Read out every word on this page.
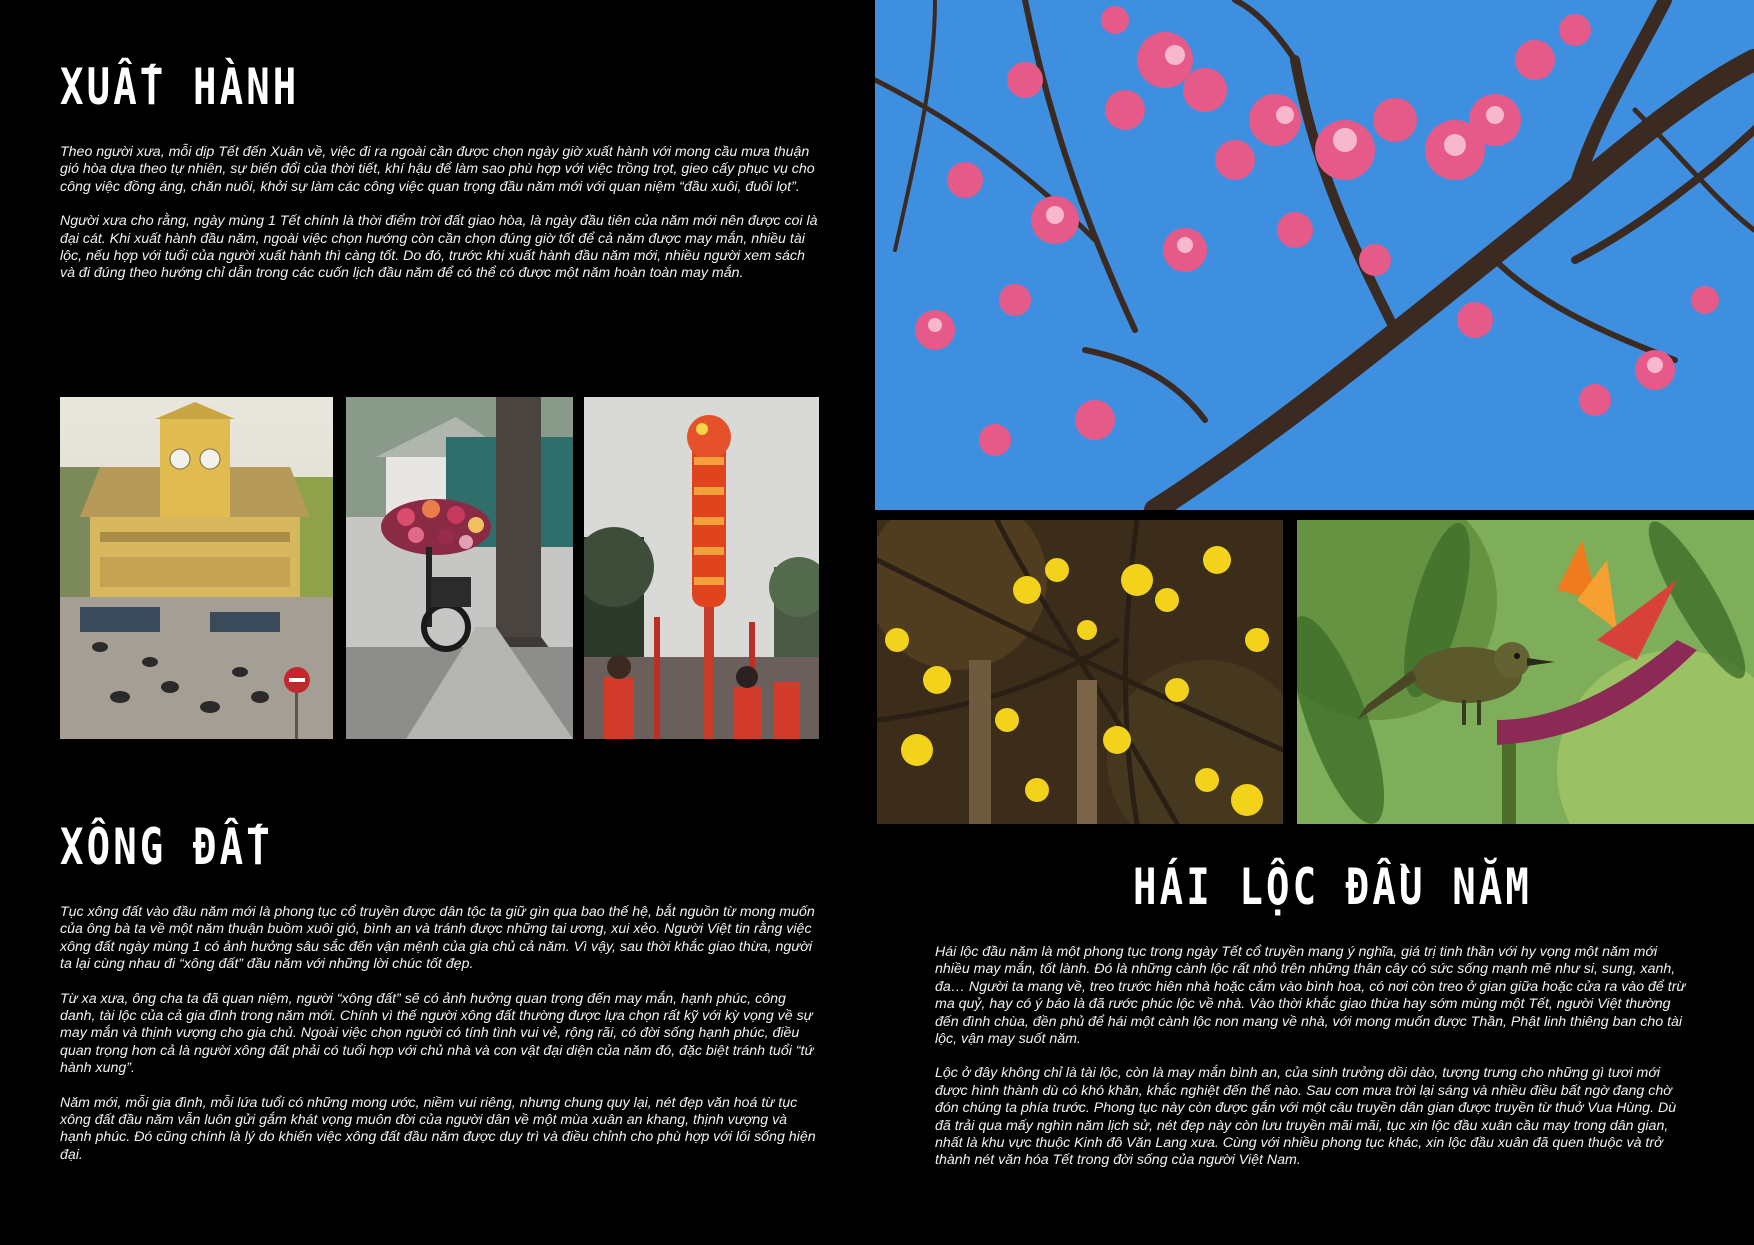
XUẤT HÀNH

Theo người xưa, mỗi dịp Tết đến Xuân về, việc đi ra ngoài cần được chọn ngày giờ xuất hành với mong cầu mưa thuận gió hòa dựa theo tự nhiên, sự biến đổi của thời tiết, khí hậu để làm sao phù hợp với việc trồng trọt, gieo cấy phục vụ cho công việc đồng áng, chăn nuôi, khởi sự làm các công việc quan trọng đầu năm mới với quan niệm “đầu xuôi, đuôi lọt”.

Người xưa cho rằng, ngày mùng 1 Tết chính là thời điểm trời đất giao hòa, là ngày đầu tiên của năm mới nên được coi là đại cát. Khi xuất hành đầu năm, ngoài việc chọn hướng còn cần chọn đúng giờ tốt để cả năm được may mắn, nhiều tài lộc, nếu hợp với tuổi của người xuất hành thì càng tốt. Do đó, trước khi xuất hành đầu năm mới, nhiều người xem sách và đi đúng theo hướng chỉ dẫn trong các cuốn lịch đầu năm để có thể có được một năm hoàn toàn may mắn.

XÔNG ĐẤT

Tục xông đất vào đầu năm mới là phong tục cổ truyền được dân tộc ta giữ gìn qua bao thế hệ, bắt nguồn từ mong muốn của ông bà ta về một năm thuận buồm xuôi gió, bình an và tránh được những tai ương, xui xẻo. Người Việt tin rằng việc xông đất ngày mùng 1 có ảnh hưởng sâu sắc đến vận mệnh của gia chủ cả năm. Vì vậy, sau thời khắc giao thừa, người ta lại cùng nhau đi “xông đất” đầu năm với những lời chúc tốt đẹp.

Từ xa xưa, ông cha ta đã quan niệm, người “xông đất” sẽ có ảnh hưởng quan trọng đến may mắn, hạnh phúc, công danh, tài lộc của cả gia đình trong năm mới. Chính vì thế người xông đất thường được lựa chọn rất kỹ với kỳ vọng về sự may mắn và thịnh vượng cho gia chủ. Ngoài việc chọn người có tính tình vui vẻ, rộng rãi, có đời sống hạnh phúc, điều quan trọng hơn cả là người xông đất phải có tuổi hợp với chủ nhà và con vật đại diện của năm đó, đặc biệt tránh tuổi “tứ hành xung”.

Năm mới, mỗi gia đình, mỗi lứa tuổi có những mong ước, niềm vui riêng, nhưng chung quy lại, nét đẹp văn hoá từ tục xông đất đầu năm vẫn luôn gửi gắm khát vọng muôn đời của người dân về một mùa xuân an khang, thịnh vượng và hạnh phúc. Đó cũng chính là lý do khiến việc xông đất đầu năm được duy trì và điều chỉnh cho phù hợp với lối sống hiện đại.

HÁI LỘC ĐẦU NĂM

Hái lộc đầu năm là một phong tục trong ngày Tết cổ truyền mang ý nghĩa, giá trị tinh thần với hy vọng một năm mới nhiều may mắn, tốt lành. Đó là những cành lộc rất nhỏ trên những thân cây có sức sống mạnh mẽ như si, sung, xanh, đa… Người ta mang về, treo trước hiên nhà hoặc cắm vào bình hoa, có nơi còn treo ở gian giữa hoặc cửa ra vào để trừ ma quỷ, hay có ý báo là đã rước phúc lộc về nhà. Vào thời khắc giao thừa hay sớm mùng một Tết, người Việt thường đến đình chùa, đền phủ để hái một cành lộc non mang về nhà, với mong muốn được Thần, Phật linh thiêng ban cho tài lộc, vận may suốt năm.

Lộc ở đây không chỉ là tài lộc, còn là may mắn bình an, của sinh trưởng dồi dào, tượng trưng cho những gì tươi mới được hình thành dù có khó khăn, khắc nghiệt đến thế nào. Sau cơn mưa trời lại sáng và nhiều điều bất ngờ đang chờ đón chúng ta phía trước. Phong tục này còn được gắn với một câu truyền dân gian được truyền từ thuở Vua Hùng. Dù đã trải qua mấy nghìn năm lịch sử, nét đẹp này còn lưu truyền mãi mãi, tục xin lộc đầu xuân cầu may trong dân gian, nhất là khu vực thuộc Kinh đô Văn Lang xưa. Cùng với nhiều phong tục khác, xin lộc đầu xuân đã quen thuộc và trở thành nét văn hóa Tết trong đời sống của người Việt Nam.
